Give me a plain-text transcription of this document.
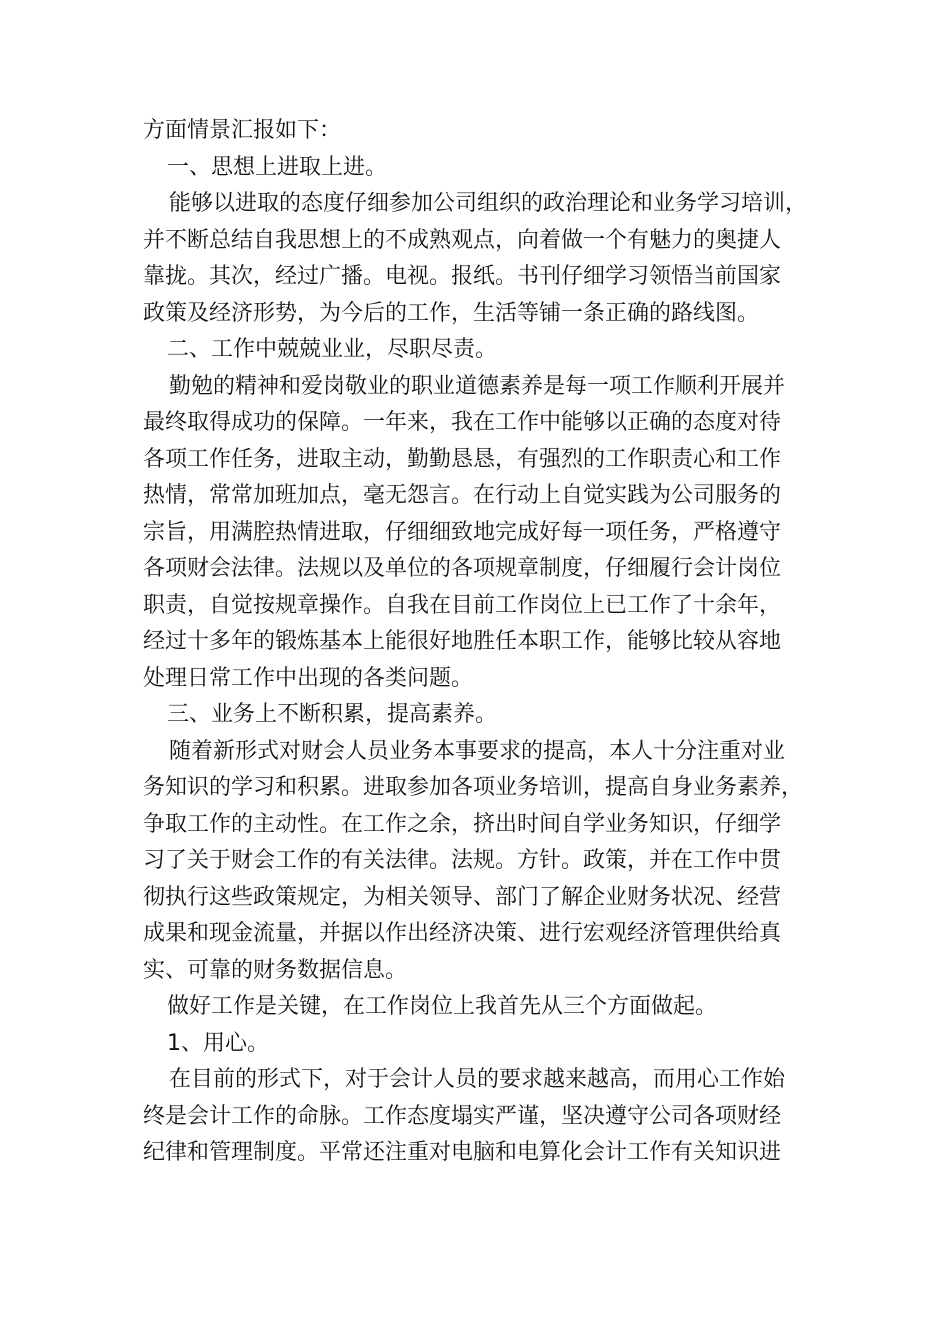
方面情景汇报如下：
一、思想上进取上进。
能够以进取的态度仔细参加公司组织的政治理论和业务学习培训，
并不断总结自我思想上的不成熟观点，向着做一个有魅力的奥捷人
靠拢。其次，经过广播。电视。报纸。书刊仔细学习领悟当前国家
政策及经济形势，为今后的工作，生活等铺一条正确的路线图。
二、工作中兢兢业业，尽职尽责。
勤勉的精神和爱岗敬业的职业道德素养是每一项工作顺利开展并
最终取得成功的保障。一年来，我在工作中能够以正确的态度对待
各项工作任务，进取主动，勤勤恳恳，有强烈的工作职责心和工作
热情，常常加班加点，毫无怨言。在行动上自觉实践为公司服务的
宗旨，用满腔热情进取，仔细细致地完成好每一项任务，严格遵守
各项财会法律。法规以及单位的各项规章制度，仔细履行会计岗位
职责，自觉按规章操作。自我在目前工作岗位上已工作了十余年，
经过十多年的锻炼基本上能很好地胜任本职工作，能够比较从容地
处理日常工作中出现的各类问题。
三、业务上不断积累，提高素养。
随着新形式对财会人员业务本事要求的提高，本人十分注重对业
务知识的学习和积累。进取参加各项业务培训，提高自身业务素养，
争取工作的主动性。在工作之余，挤出时间自学业务知识，仔细学
习了关于财会工作的有关法律。法规。方针。政策，并在工作中贯
彻执行这些政策规定，为相关领导、部门了解企业财务状况、经营
成果和现金流量，并据以作出经济决策、进行宏观经济管理供给真
实、可靠的财务数据信息。
做好工作是关键，在工作岗位上我首先从三个方面做起。
1、用心。
在目前的形式下，对于会计人员的要求越来越高，而用心工作始
终是会计工作的命脉。工作态度塌实严谨，坚决遵守公司各项财经
纪律和管理制度。平常还注重对电脑和电算化会计工作有关知识进
